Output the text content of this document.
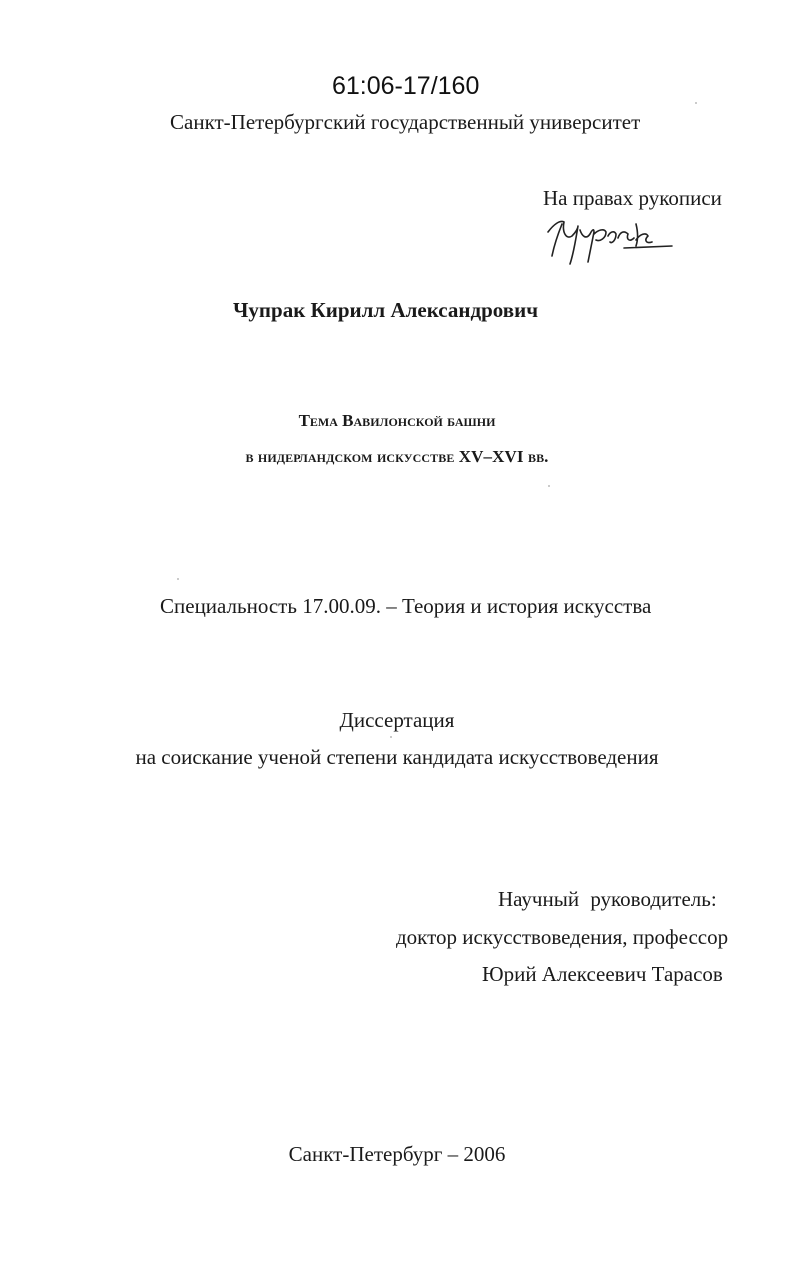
61:06-17/160
Санкт-Петербургский государственный университет
На правах рукописи
Чупрак Кирилл Александрович
Тема Вавилонской башни
в нидерландском искусстве XV–XVI вв.
Специальность 17.00.09. – Теория и история искусства
Диссертация
на соискание ученой степени кандидата искусствоведения
Научный руководитель:
доктор искусствоведения, профессор
Юрий Алексеевич Тарасов
Санкт-Петербург – 2006
